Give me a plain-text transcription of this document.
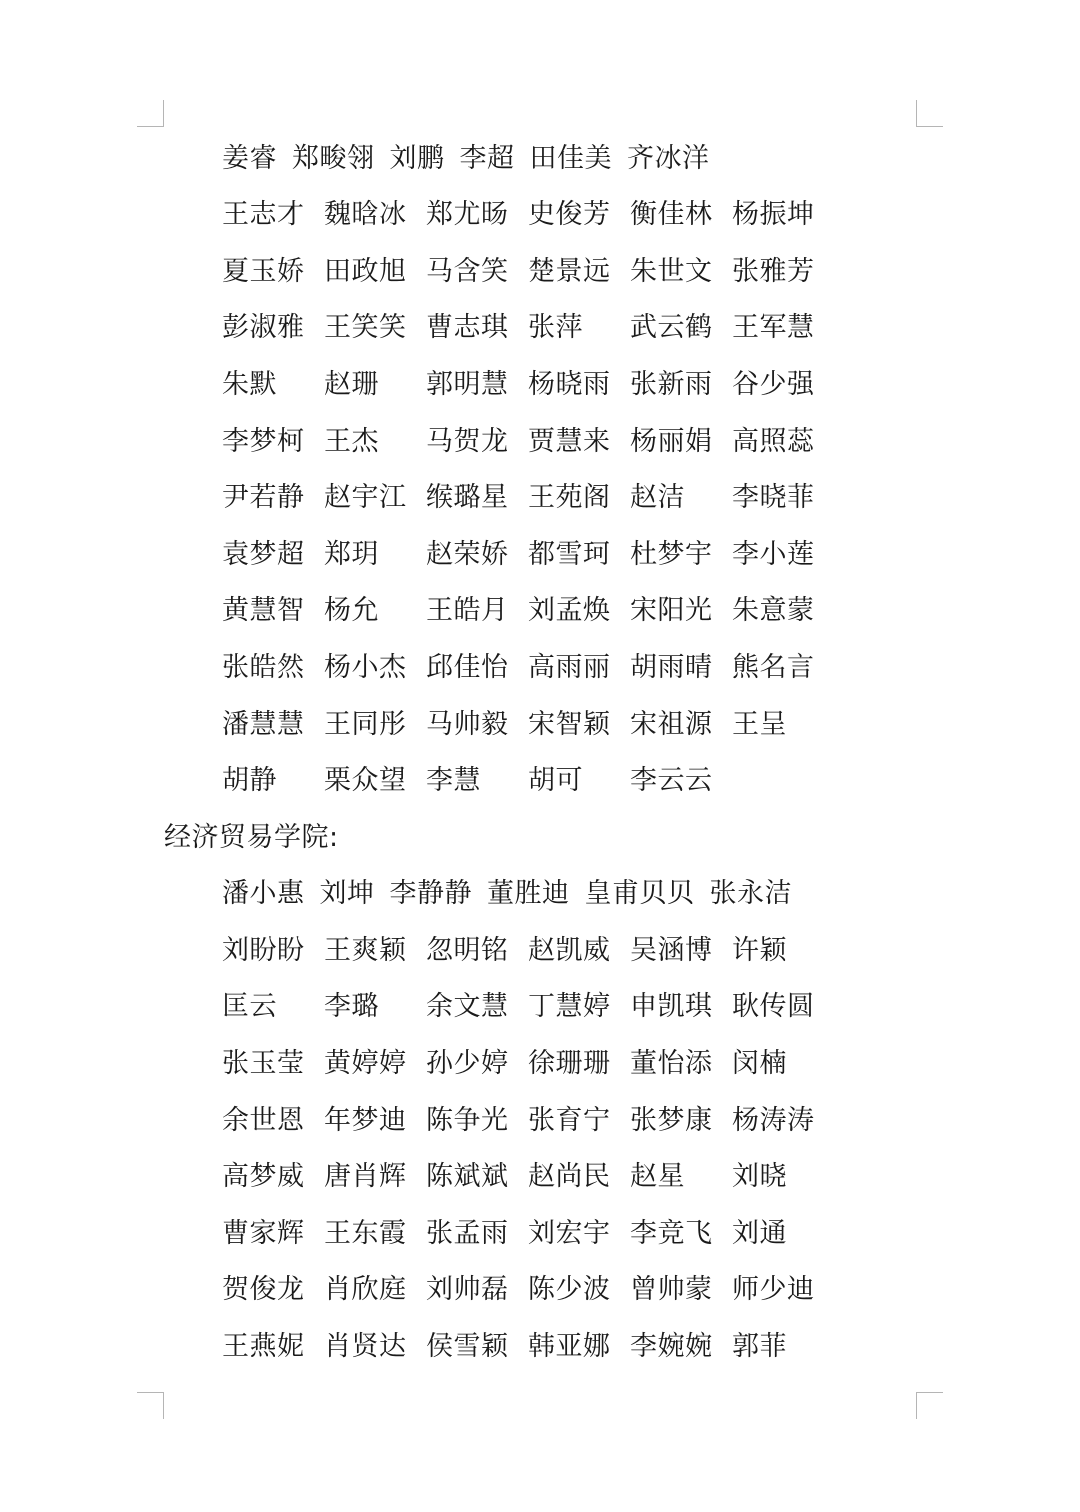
姜睿 郑畯翎 刘鹏 李超 田佳美 齐冰洋
王志才 魏晗冰 郑尤旸 史俊芳 衡佳林 杨振坤
夏玉娇 田政旭 马含笑 楚景远 朱世文 张雅芳
彭淑雅 王笑笑 曹志琪 张萍	武云鹤 王军慧
朱默	赵珊	郭明慧 杨晓雨 张新雨 谷少强
李梦柯 王杰	马贺龙 贾慧来 杨丽娟 高照蕊
尹若静 赵宇江 缑璐星 王苑阁 赵洁	李晓菲
袁梦超 郑玥	赵荣娇 都雪珂 杜梦宇 李小莲
黄慧智 杨允	王皓月 刘孟焕 宋阳光 朱意蒙
张皓然 杨小杰 邱佳怡 高雨丽 胡雨晴 熊名言
潘慧慧 王同彤 马帅毅 宋智颖 宋祖源 王呈
胡静	栗众望 李慧	胡可	李云云
经济贸易学院:
潘小惠 刘坤 李静静 董胜迪 皇甫贝贝 张永洁
刘盼盼 王爽颖 忽明铭 赵凯威 吴涵博 许颖
匡云	李璐	余文慧 丁慧婷 申凯琪 耿传圆
张玉莹 黄婷婷 孙少婷 徐珊珊 董怡添 闵楠
余世恩 年梦迪 陈争光 张育宁 张梦康 杨涛涛
高梦威 唐肖辉 陈斌斌 赵尚民 赵星	刘晓
曹家辉 王东霞 张孟雨 刘宏宇 李竞飞 刘通
贺俊龙 肖欣庭 刘帅磊 陈少波 曾帅蒙 师少迪
王燕妮 肖贤达 侯雪颖 韩亚娜 李婉婉 郭菲
